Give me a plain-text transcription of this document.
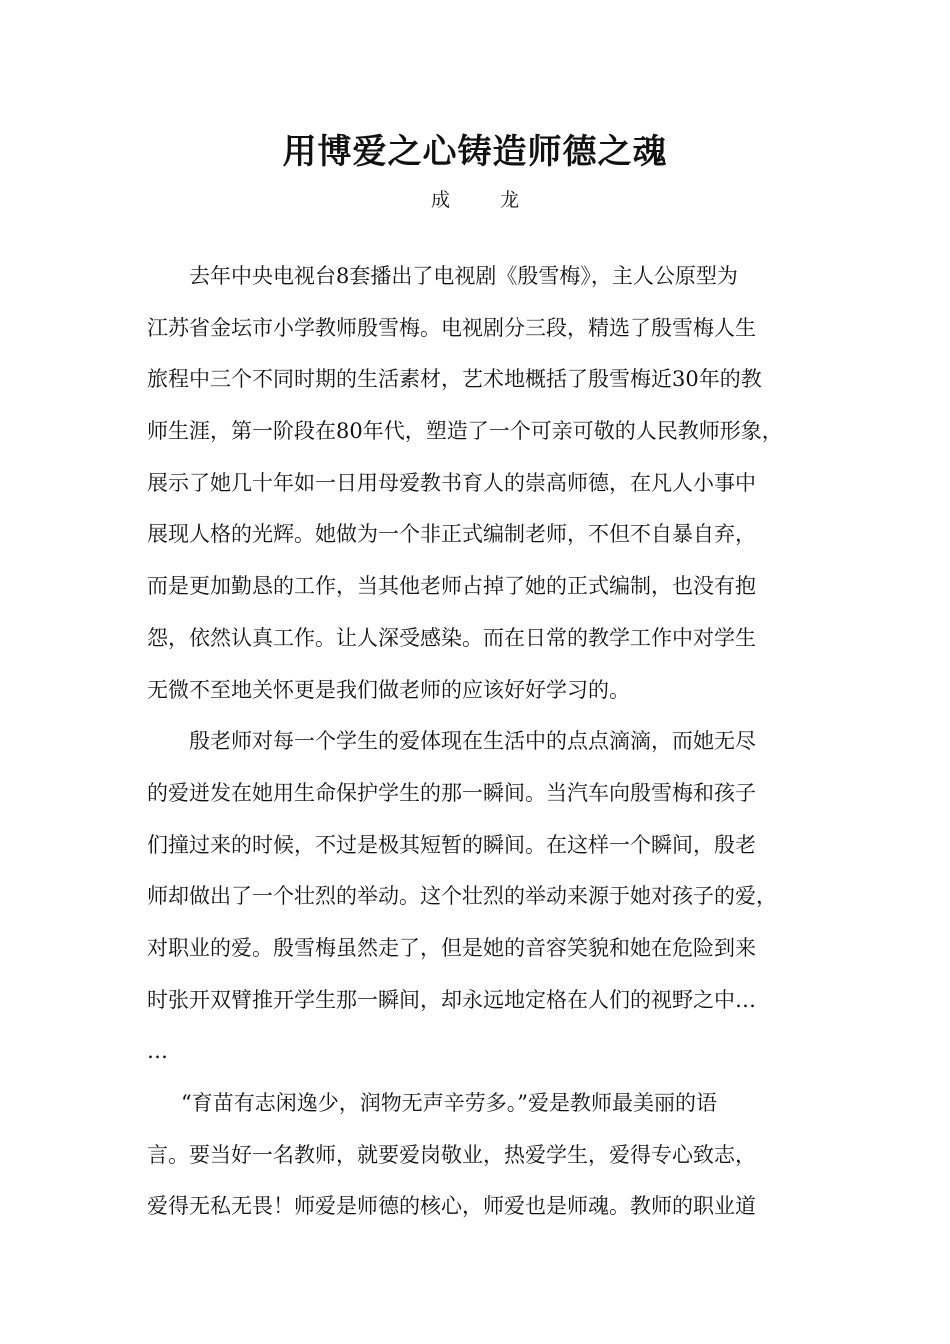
用博爱之心铸造师德之魂
成 龙
去年中央电视台8套播出了电视剧《殷雪梅》，主人公原型为
江苏省金坛市小学教师殷雪梅。电视剧分三段，精选了殷雪梅人生
旅程中三个不同时期的生活素材，艺术地概括了殷雪梅近30年的教
师生涯，第一阶段在80年代，塑造了一个可亲可敬的人民教师形象，
展示了她几十年如一日用母爱教书育人的崇高师德，在凡人小事中
展现人格的光辉。她做为一个非正式编制老师，不但不自暴自弃，
而是更加勤恳的工作，当其他老师占掉了她的正式编制，也没有抱
怨，依然认真工作。让人深受感染。而在日常的教学工作中对学生
无微不至地关怀更是我们做老师的应该好好学习的。
殷老师对每一个学生的爱体现在生活中的点点滴滴，而她无尽
的爱迸发在她用生命保护学生的那一瞬间。当汽车向殷雪梅和孩子
们撞过来的时候，不过是极其短暂的瞬间。在这样一个瞬间，殷老
师却做出了一个壮烈的举动。这个壮烈的举动来源于她对孩子的爱，
对职业的爱。殷雪梅虽然走了，但是她的音容笑貌和她在危险到来
时张开双臂推开学生那一瞬间，却永远地定格在人们的视野之中…
…
“育苗有志闲逸少，润物无声辛劳多。”爱是教师最美丽的语
言。要当好一名教师，就要爱岗敬业，热爱学生，爱得专心致志，
爱得无私无畏！师爱是师德的核心，师爱也是师魂。教师的职业道
